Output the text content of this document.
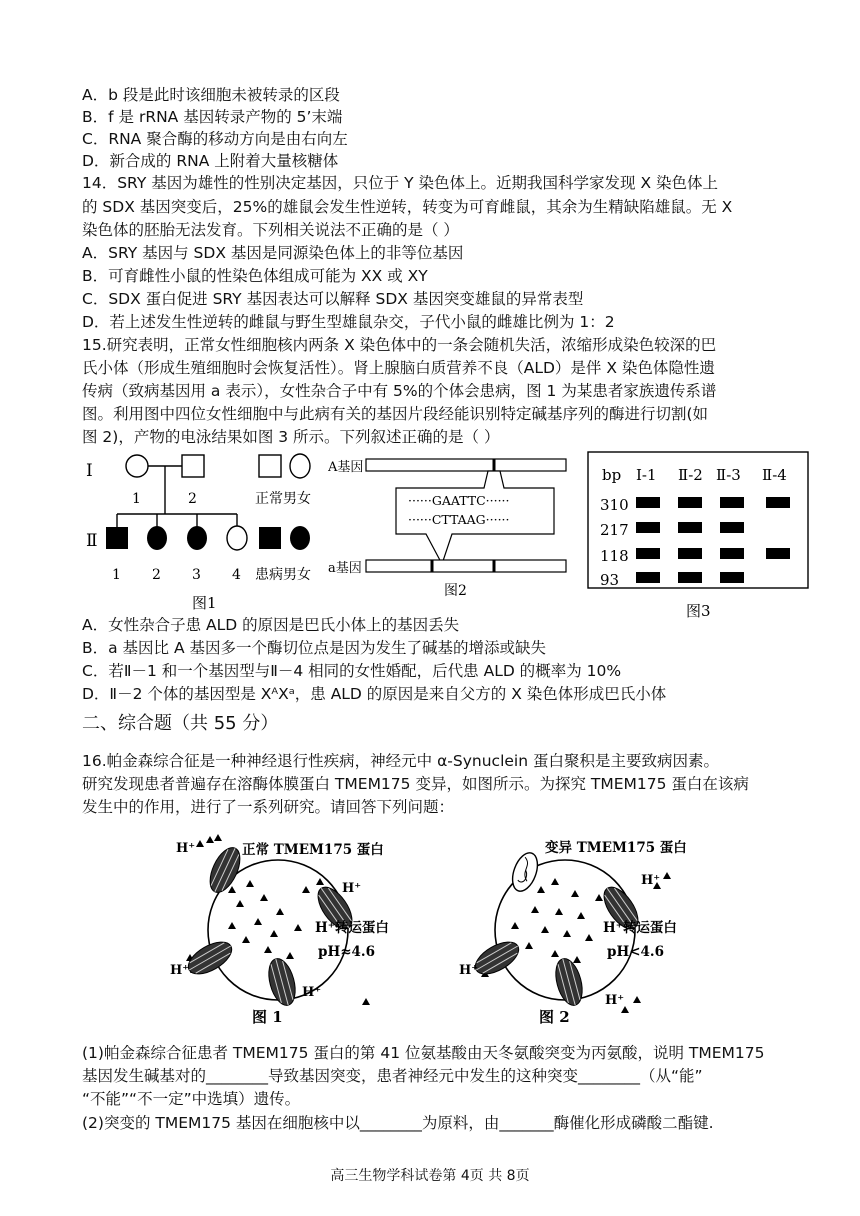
A．b 段是此时该细胞未被转录的区段
B．f 是 rRNA 基因转录产物的 5’末端
C．RNA 聚合酶的移动方向是由右向左
D．新合成的 RNA 上附着大量核糖体
14．SRY 基因为雄性的性别决定基因，只位于 Y 染色体上。近期我国科学家发现 X 染色体上
的 SDX 基因突变后，25%的雄鼠会发生性逆转，转变为可育雌鼠，其余为生精缺陷雄鼠。无 X
染色体的胚胎无法发育。下列相关说法不正确的是（ ）
A．SRY 基因与 SDX 基因是同源染色体上的非等位基因
B．可育雌性小鼠的性染色体组成可能为 XX 或 XY
C．SDX 蛋白促进 SRY 基因表达可以解释 SDX 基因突变雄鼠的异常表型
D．若上述发生性逆转的雌鼠与野生型雄鼠杂交，子代小鼠的雌雄比例为 1：2
15.研究表明，正常女性细胞核内两条 X 染色体中的一条会随机失活，浓缩形成染色较深的巴
氏小体（形成生殖细胞时会恢复活性）。肾上腺脑白质营养不良（ALD）是伴 X 染色体隐性遗
传病（致病基因用 a 表示），女性杂合子中有 5%的个体会患病，图 1 为某患者家族遗传系谱
图。利用图中四位女性细胞中与此病有关的基因片段经能识别特定碱基序列的酶进行切割(如
图 2)，产物的电泳结果如图 3 所示。下列叙述正确的是（ ）
Ⅰ
Ⅱ
1	2
1 2 3 4
正常男女
患病男女
图1
A基因
······GAATTC······
······CTTAAG······
a基因
图2
bp Ⅰ-1 Ⅱ-2 Ⅱ-3 Ⅱ-4
310
217
118
93
图3
A．女性杂合子患 ALD 的原因是巴氏小体上的基因丢失
B．a 基因比 A 基因多一个酶切位点是因为发生了碱基的增添或缺失
C．若Ⅱ－1 和一个基因型与Ⅱ－4 相同的女性婚配，后代患 ALD 的概率为 10%
D．Ⅱ－2 个体的基因型是 XᴬXᵃ，患 ALD 的原因是来自父方的 X 染色体形成巴氏小体
二、综合题（共 55 分）
16.帕金森综合征是一种神经退行性疾病，神经元中 α-Synuclein 蛋白聚积是主要致病因素。
研究发现患者普遍存在溶酶体膜蛋白 TMEM175 变异，如图所示。为探究 TMEM175 蛋白在该病
发生中的作用，进行了一系列研究。请回答下列问题：
H⁺
H⁺
H⁺
H⁺
正常 TMEM175 蛋白
H⁺转运蛋白
pH≈4.6
图 1
H⁺
H⁺
H⁺
变异 TMEM175 蛋白
H⁺转运蛋白
pH<4.6
图 2
(1)帕金森综合征患者 TMEM175 蛋白的第 41 位氨基酸由天冬氨酸突变为丙氨酸，说明 TMEM175
基因发生碱基对的________导致基因突变，患者神经元中发生的这种突变________（从“能”
“不能”“不一定”中选填）遗传。
(2)突变的 TMEM175 基因在细胞核中以________为原料，由_______酶催化形成磷酸二酯键.
高三生物学科试卷第 4页 共 8页
